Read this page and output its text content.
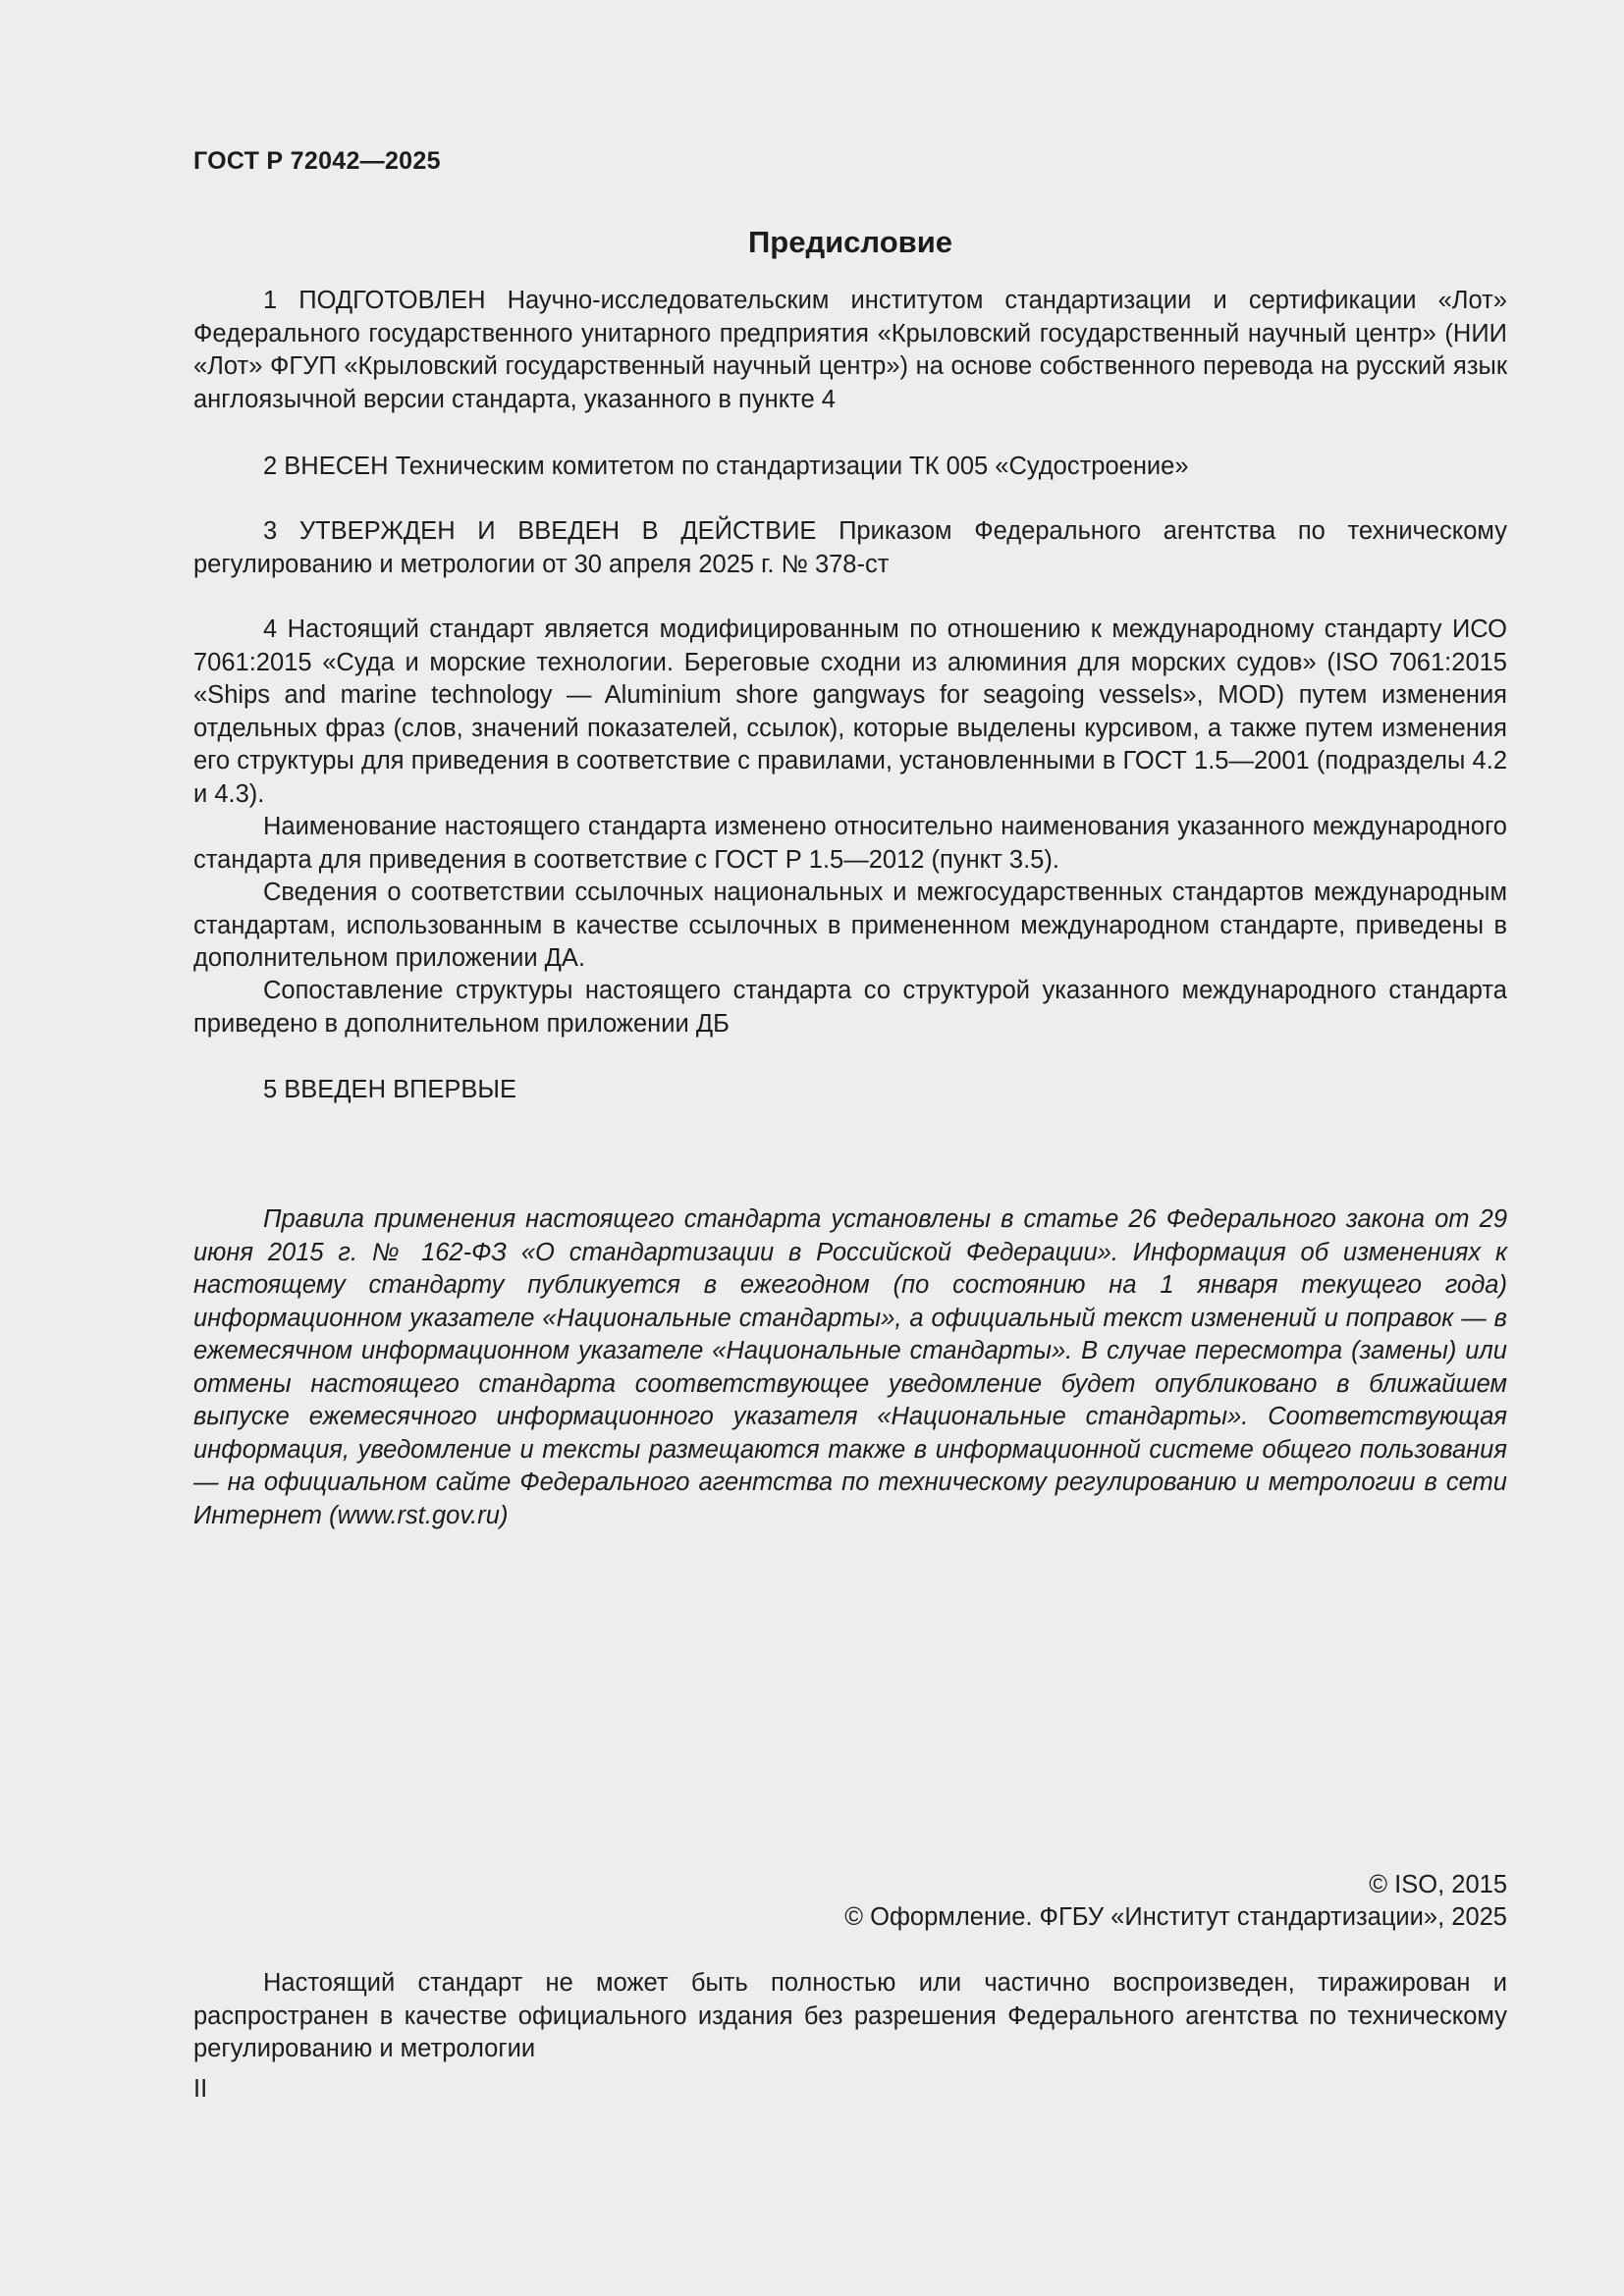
ГОСТ Р 72042—2025
Предисловие

1 ПОДГОТОВЛЕН Научно-исследовательским институтом стандартизации и сертификации «Лот» Федерального государственного унитарного предприятия «Крыловский государственный научный центр» (НИИ «Лот» ФГУП «Крыловский государственный научный центр») на основе собственного перевода на русский язык англоязычной версии стандарта, указанного в пункте 4

2 ВНЕСЕН Техническим комитетом по стандартизации ТК 005 «Судостроение»

3 УТВЕРЖДЕН И ВВЕДЕН В ДЕЙСТВИЕ Приказом Федерального агентства по техническому регулированию и метрологии от 30 апреля 2025 г. № 378-ст

4 Настоящий стандарт является модифицированным по отношению к международному стандарту ИСО 7061:2015 «Суда и морские технологии. Береговые сходни из алюминия для морских судов» (ISO 7061:2015 «Ships and marine technology — Aluminium shore gangways for seagoing vessels», MOD) путем изменения отдельных фраз (слов, значений показателей, ссылок), которые выделены курсивом, а также путем изменения его структуры для приведения в соответствие с правилами, установленными в ГОСТ 1.5—2001 (подразделы 4.2 и 4.3).

Наименование настоящего стандарта изменено относительно наименования указанного международного стандарта для приведения в соответствие с ГОСТ Р 1.5—2012 (пункт 3.5).

Сведения о соответствии ссылочных национальных и межгосударственных стандартов международным стандартам, использованным в качестве ссылочных в примененном международном стандарте, приведены в дополнительном приложении ДА.

Сопоставление структуры настоящего стандарта со структурой указанного международного стандарта приведено в дополнительном приложении ДБ

5 ВВЕДЕН ВПЕРВЫЕ

Правила применения настоящего стандарта установлены в статье 26 Федерального закона от 29 июня 2015 г. № 162-ФЗ «О стандартизации в Российской Федерации». Информация об изменениях к настоящему стандарту публикуется в ежегодном (по состоянию на 1 января текущего года) информационном указателе «Национальные стандарты», а официальный текст изменений и поправок — в ежемесячном информационном указателе «Национальные стандарты». В случае пересмотра (замены) или отмены настоящего стандарта соответствующее уведомление будет опубликовано в ближайшем выпуске ежемесячного информационного указателя «Национальные стандарты». Соответствующая информация, уведомление и тексты размещаются также в информационной системе общего пользования — на официальном сайте Федерального агентства по техническому регулированию и метрологии в сети Интернет (www.rst.gov.ru)

© ISO, 2015
© Оформление. ФГБУ «Институт стандартизации», 2025

Настоящий стандарт не может быть полностью или частично воспроизведен, тиражирован и распространен в качестве официального издания без разрешения Федерального агентства по техническому регулированию и метрологии

II
